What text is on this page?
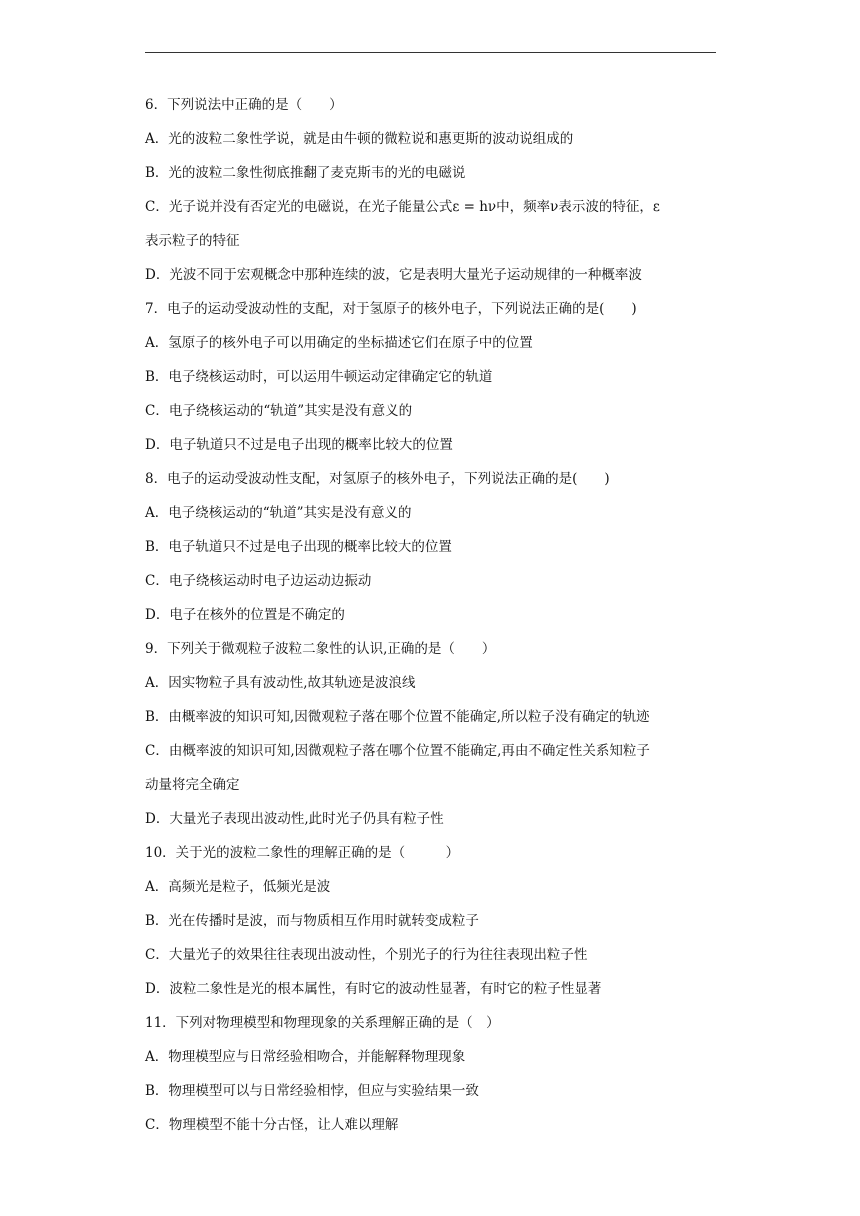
6．下列说法中正确的是（　　）
A．光的波粒二象性学说，就是由牛顿的微粒说和惠更斯的波动说组成的
B．光的波粒二象性彻底推翻了麦克斯韦的光的电磁说
C．光子说并没有否定光的电磁说，在光子能量公式ε = hν中，频率ν表示波的特征，ε
表示粒子的特征
D．光波不同于宏观概念中那种连续的波，它是表明大量光子运动规律的一种概率波
7．电子的运动受波动性的支配，对于氢原子的核外电子，下列说法正确的是(　　)
A．氢原子的核外电子可以用确定的坐标描述它们在原子中的位置
B．电子绕核运动时，可以运用牛顿运动定律确定它的轨道
C．电子绕核运动的“轨道”其实是没有意义的
D．电子轨道只不过是电子出现的概率比较大的位置
8．电子的运动受波动性支配，对氢原子的核外电子，下列说法正确的是(　　)
A．电子绕核运动的“轨道”其实是没有意义的
B．电子轨道只不过是电子出现的概率比较大的位置
C．电子绕核运动时电子边运动边振动
D．电子在核外的位置是不确定的
9．下列关于微观粒子波粒二象性的认识,正确的是（　　）
A．因实物粒子具有波动性,故其轨迹是波浪线
B．由概率波的知识可知,因微观粒子落在哪个位置不能确定,所以粒子没有确定的轨迹
C．由概率波的知识可知,因微观粒子落在哪个位置不能确定,再由不确定性关系知粒子
动量将完全确定
D．大量光子表现出波动性,此时光子仍具有粒子性
10．关于光的波粒二象性的理解正确的是（　　　）
A．高频光是粒子，低频光是波
B．光在传播时是波，而与物质相互作用时就转变成粒子
C．大量光子的效果往往表现出波动性，个别光子的行为往往表现出粒子性
D．波粒二象性是光的根本属性，有时它的波动性显著，有时它的粒子性显著
11．下列对物理模型和物理现象的关系理解正确的是（　）
A．物理模型应与日常经验相吻合，并能解释物理现象
B．物理模型可以与日常经验相悖，但应与实验结果一致
C．物理模型不能十分古怪，让人难以理解
